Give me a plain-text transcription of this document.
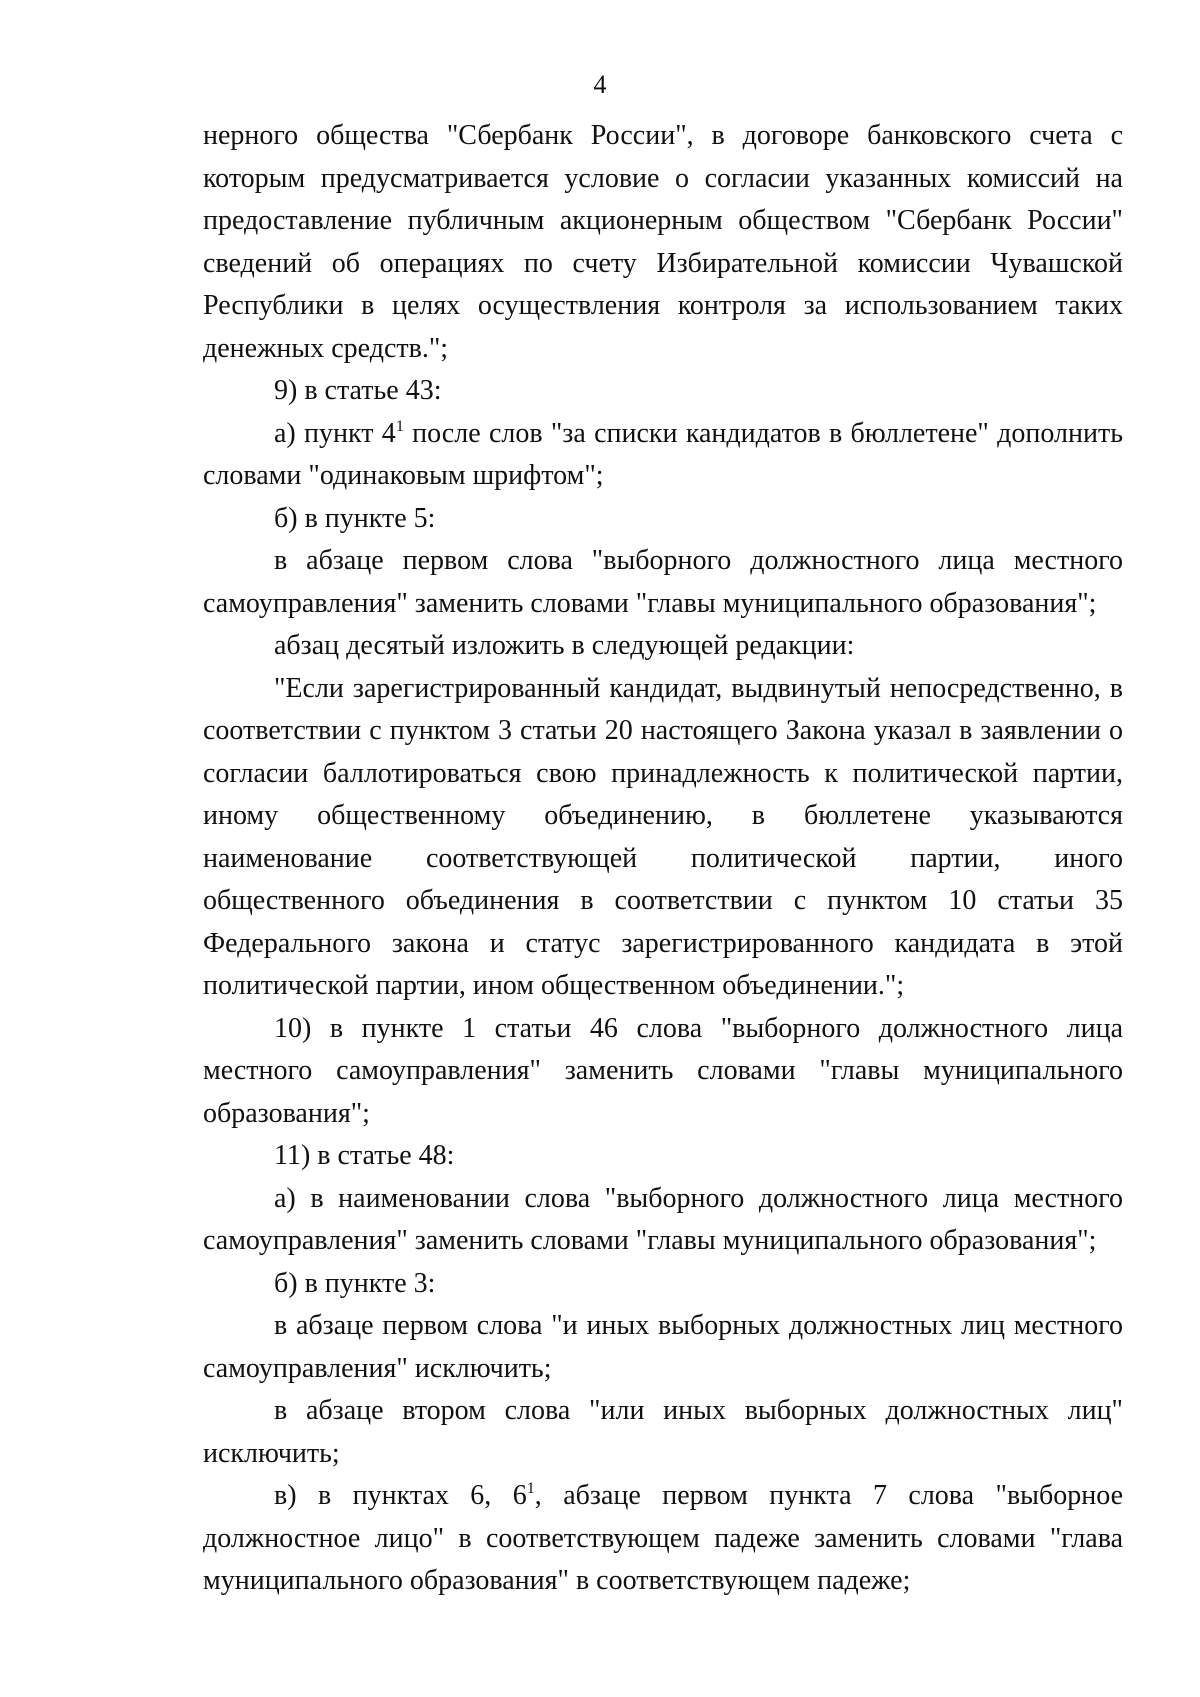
4

нерного общества "Сбербанк России", в договоре банковского счета с которым предусматривается условие о согласии указанных комиссий на предоставление публичным акционерным обществом "Сбербанк России" сведений об операциях по счету Избирательной комиссии Чувашской Республики в целях осуществления контроля за использованием таких денежных средств.";

9) в статье 43:

а) пункт $4^1$ после слов "за списки кандидатов в бюллетене" дополнить словами "одинаковым шрифтом";

б) в пункте 5:

в абзаце первом слова "выборного должностного лица местного самоуправления" заменить словами "главы муниципального образования";

абзац десятый изложить в следующей редакции:

"Если зарегистрированный кандидат, выдвинутый непосредственно, в соответствии с пунктом 3 статьи 20 настоящего Закона указал в заявлении о согласии баллотироваться свою принадлежность к политической партии, иному общественному объединению, в бюллетене указываются наименование соответствующей политической партии, иного общественного объединения в соответствии с пунктом 10 статьи 35 Федерального закона и статус зарегистрированного кандидата в этой политической партии, ином общественном объединении.";

10) в пункте 1 статьи 46 слова "выборного должностного лица местного самоуправления" заменить словами "главы муниципального образования";

11) в статье 48:

а) в наименовании слова "выборного должностного лица местного самоуправления" заменить словами "главы муниципального образования";

б) в пункте 3:

в абзаце первом слова "и иных выборных должностных лиц местного самоуправления" исключить;

в абзаце втором слова "или иных выборных должностных лиц" исключить;

в) в пунктах 6, $6^1$, абзаце первом пункта 7 слова "выборное должностное лицо" в соответствующем падеже заменить словами "глава муниципального образования" в соответствующем падеже;
